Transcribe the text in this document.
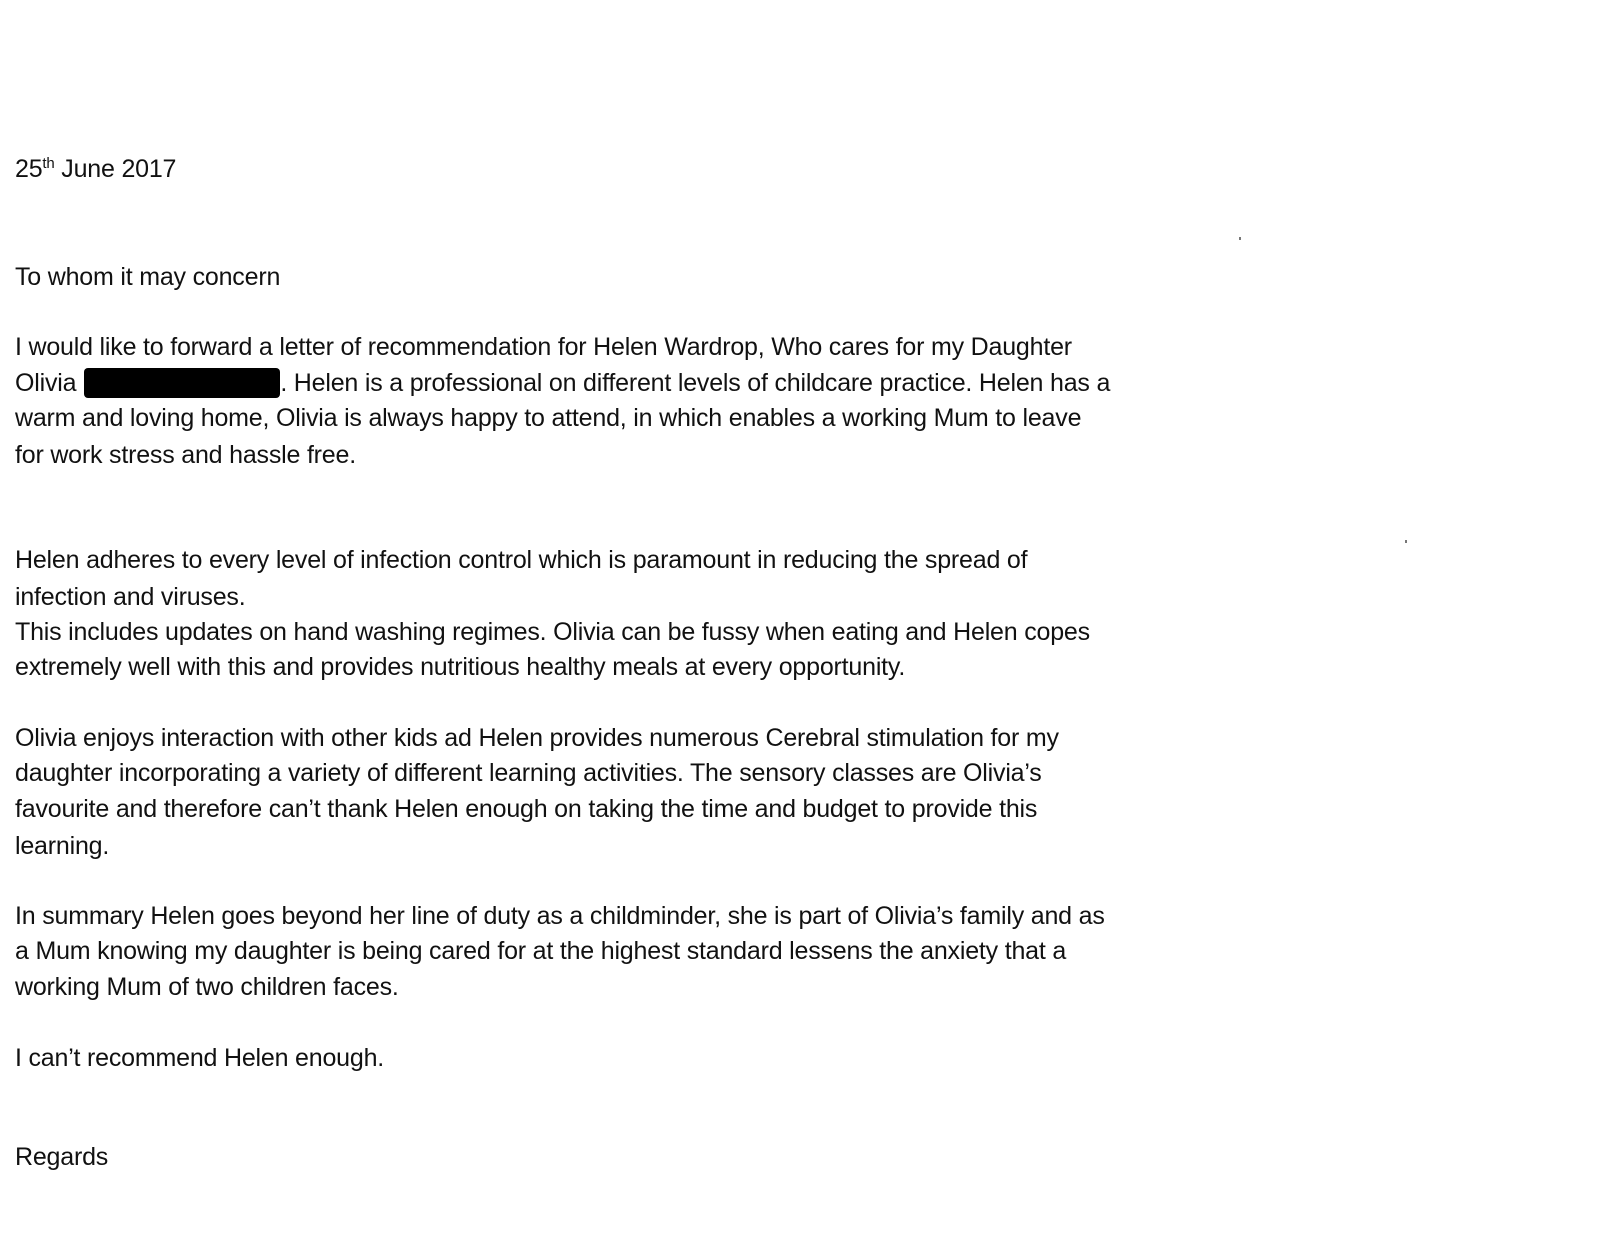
25th June 2017
To whom it may concern
I would like to forward a letter of recommendation for Helen Wardrop, Who cares for my Daughter
Olivia	. Helen is a professional on different levels of childcare practice. Helen has a
warm and loving home, Olivia is always happy to attend, in which enables a working Mum to leave
for work stress and hassle free.
Helen adheres to every level of infection control which is paramount in reducing the spread of
infection and viruses.
This includes updates on hand washing regimes. Olivia can be fussy when eating and Helen copes
extremely well with this and provides nutritious healthy meals at every opportunity.
Olivia enjoys interaction with other kids ad Helen provides numerous Cerebral stimulation for my
daughter incorporating a variety of different learning activities. The sensory classes are Olivia’s
favourite and therefore can’t thank Helen enough on taking the time and budget to provide this
learning.
In summary Helen goes beyond her line of duty as a childminder, she is part of Olivia’s family and as
a Mum knowing my daughter is being cared for at the highest standard lessens the anxiety that a
working Mum of two children faces.
I can’t recommend Helen enough.
Regards
